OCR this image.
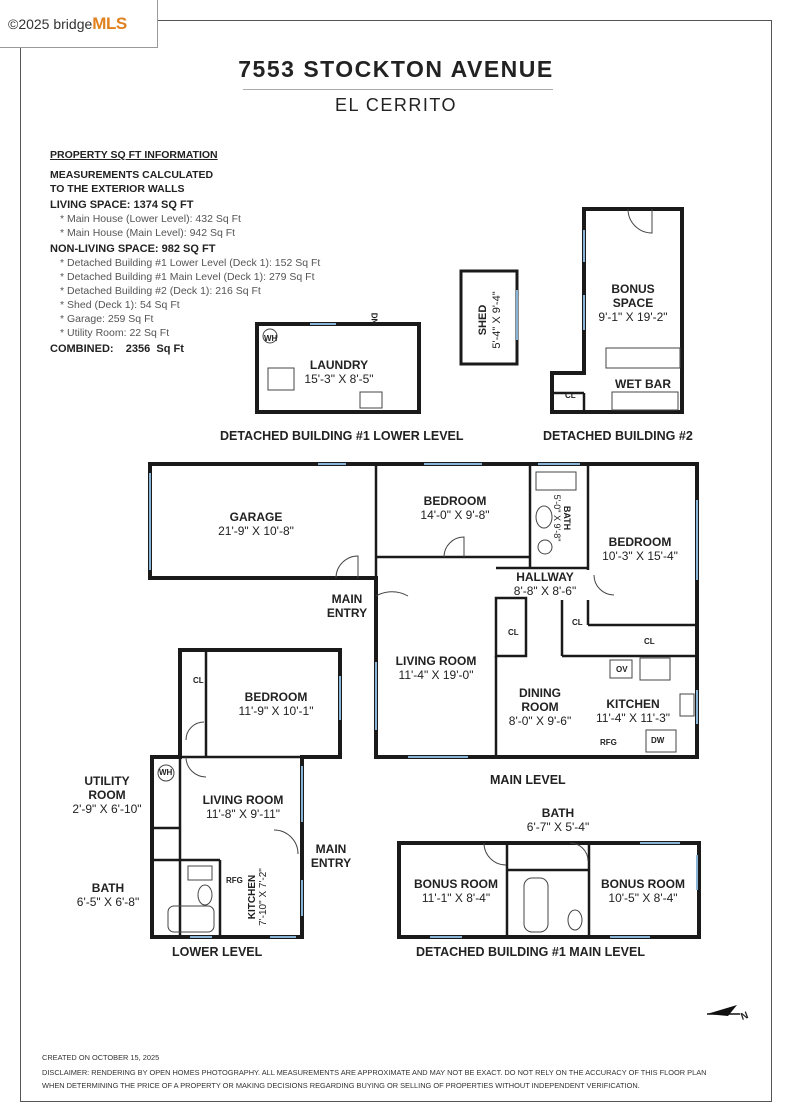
©2025 bridge MLS
7553 STOCKTON AVENUE
EL CERRITO
PROPERTY SQ FT INFORMATION
MEASUREMENTS CALCULATED
TO THE EXTERIOR WALLS
LIVING SPACE: 1374 SQ FT
* Main House (Lower Level): 432 Sq Ft
* Main House (Main Level): 942 Sq Ft
NON-LIVING SPACE: 982 SQ FT
* Detached Building #1 Lower Level (Deck 1): 152 Sq Ft
* Detached Building #1 Main Level (Deck 1): 279 Sq Ft
* Detached Building #2 (Deck 1): 216 Sq Ft
* Shed (Deck 1): 54 Sq Ft
* Garage: 259 Sq Ft
* Utility Room: 22 Sq Ft
COMBINED:    2356  Sq Ft
LAUNDRY
15'-3" X 8'-5"
SHED 5'-4" X 9'-4"
BONUS
SPACE
9'-1" X 19'-2"
WET BAR
GARAGE
21'-9" X 10'-8"
BEDROOM
14'-0" X 9'-8"	BATH
5'-0" X 9'-8"
BEDROOM
10'-3" X 15'-4"
HALLWAY
8'-8" X 8'-6"
MAIN
ENTRY
LIVING ROOM
11'-4" X 19'-0"
DINING
ROOM
8'-0" X 9'-6"
KITCHEN
11'-4" X 11'-3"
BEDROOM
11'-9" X 10'-1"
UTILITY
ROOM
2'-9" X 6'-10"
LIVING ROOM
11'-8" X 9'-11"
MAIN
ENTRY
BATH
6'-5" X 6'-8"	KITCHEN
7'-10" X 7'-2"
BATH
6'-7" X 5'-4"
BONUS ROOM
11'-1" X 8'-4"
BONUS ROOM
10'-5" X 8'-4"
WH
DN
CL
CL
CL
CL
CL
OV
RFG	DW
WH
RFG
DETACHED BUILDING #1 LOWER LEVEL	DETACHED BUILDING #2
MAIN LEVEL
LOWER LEVEL	DETACHED BUILDING #1 MAIN LEVEL
N
CREATED ON OCTOBER 15, 2025
DISCLAIMER: RENDERING BY OPEN HOMES PHOTOGRAPHY. ALL MEASUREMENTS ARE APPROXIMATE AND MAY NOT BE EXACT. DO NOT RELY ON THE ACCURACY OF THIS FLOOR PLAN
WHEN DETERMINING THE PRICE OF A PROPERTY OR MAKING DECISIONS REGARDING BUYING OR SELLING OF PROPERTIES WITHOUT INDEPENDENT VERIFICATION.
